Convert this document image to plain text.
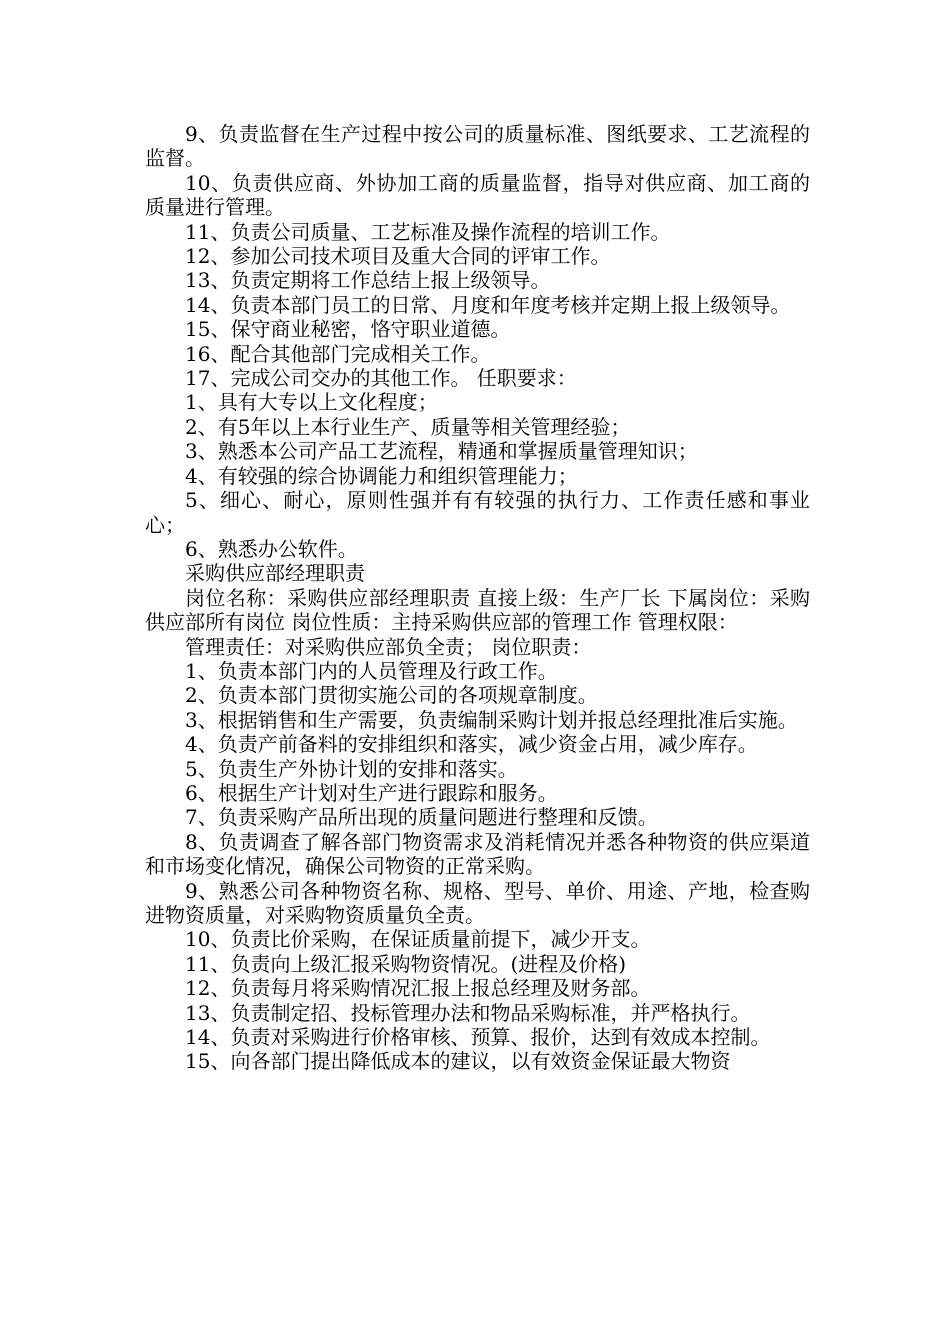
9、负责监督在生产过程中按公司的质量标准、图纸要求、工艺流程的监督。

10、负责供应商、外协加工商的质量监督，指导对供应商、加工商的质量进行管理。

11、负责公司质量、工艺标准及操作流程的培训工作。

12、参加公司技术项目及重大合同的评审工作。

13、负责定期将工作总结上报上级领导。

14、负责本部门员工的日常、月度和年度考核并定期上报上级领导。

15、保守商业秘密，恪守职业道德。

16、配合其他部门完成相关工作。

17、完成公司交办的其他工作。 任职要求：

1、具有大专以上文化程度；

2、有5年以上本行业生产、质量等相关管理经验；

3、熟悉本公司产品工艺流程，精通和掌握质量管理知识；

4、有较强的综合协调能力和组织管理能力；

5、细心、耐心，原则性强并有有较强的执行力、工作责任感和事业心；

6、熟悉办公软件。

采购供应部经理职责

岗位名称：采购供应部经理职责 直接上级：生产厂长 下属岗位：采购供应部所有岗位 岗位性质：主持采购供应部的管理工作 管理权限：

管理责任：对采购供应部负全责； 岗位职责：

1、负责本部门内的人员管理及行政工作。

2、负责本部门贯彻实施公司的各项规章制度。

3、根据销售和生产需要，负责编制采购计划并报总经理批准后实施。

4、负责产前备料的安排组织和落实，减少资金占用，减少库存。

5、负责生产外协计划的安排和落实。

6、根据生产计划对生产进行跟踪和服务。

7、负责采购产品所出现的质量问题进行整理和反馈。

8、负责调查了解各部门物资需求及消耗情况并悉各种物资的供应渠道和市场变化情况，确保公司物资的正常采购。

9、熟悉公司各种物资名称、规格、型号、单价、用途、产地，检查购进物资质量，对采购物资质量负全责。

10、负责比价采购，在保证质量前提下，减少开支。

11、负责向上级汇报采购物资情况。(进程及价格)

12、负责每月将采购情况汇报上报总经理及财务部。

13、负责制定招、投标管理办法和物品采购标准，并严格执行。

14、负责对采购进行价格审核、预算、报价，达到有效成本控制。

15、向各部门提出降低成本的建议，以有效资金保证最大物资
